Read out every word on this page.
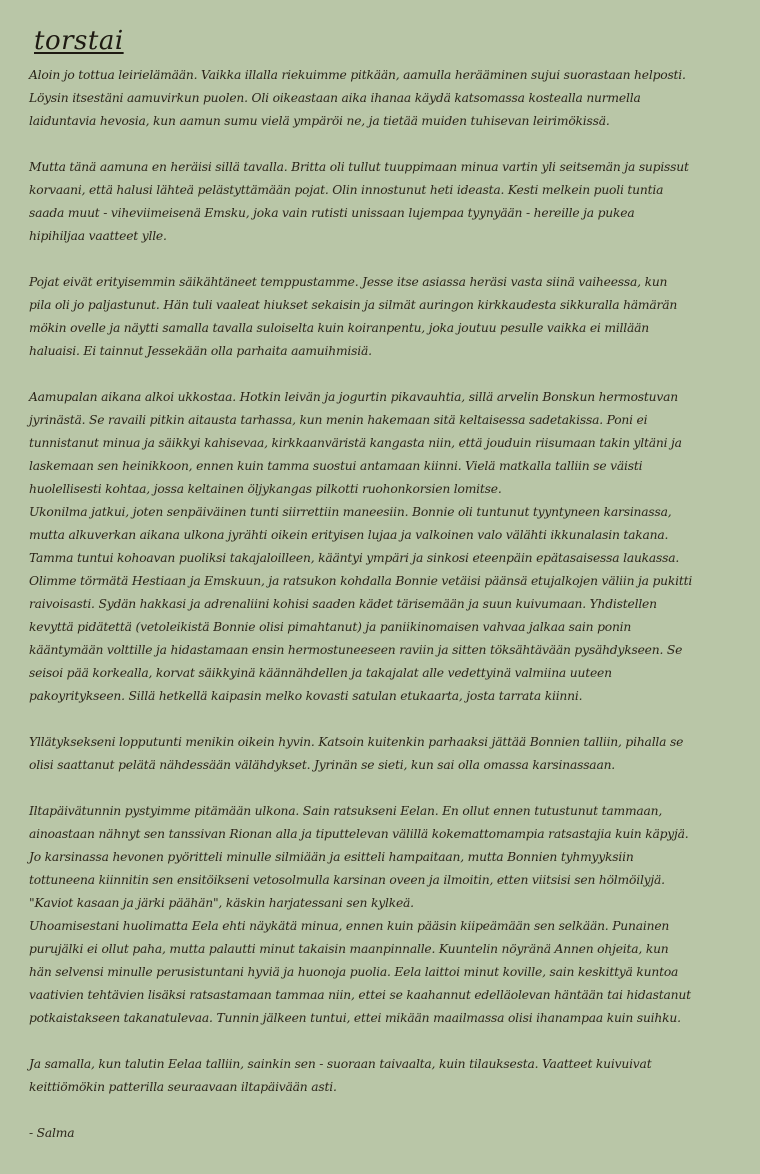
torstai

Aloin jo tottua leirielämään. Vaikka illalla riekuimme pitkään, aamulla herääminen sujui suorastaan helposti. Löysin itsestäni aamuvirkun puolen. Oli oikeastaan aika ihanaa käydä katsomassa kostealla nurmella laiduntavia hevosia, kun aamun sumu vielä ympäröi ne, ja tietää muiden tuhisevan leirimökissä.

Mutta tänä aamuna en heräisi sillä tavalla. Britta oli tullut tuuppimaan minua vartin yli seitsemän ja supissut korvaani, että halusi lähteä pelästyttämään pojat. Olin innostunut heti ideasta. Kesti melkein puoli tuntia saada muut - viheviimeisenä Emsku, joka vain rutisti unissaan lujempaa tyynyään - hereille ja pukea hipihiljaa vaatteet ylle.

Pojat eivät erityisemmin säikähtäneet temppustamme. Jesse itse asiassa heräsi vasta siinä vaiheessa, kun pila oli jo paljastunut. Hän tuli vaaleat hiukset sekaisin ja silmät auringon kirkkaudesta sikkuralla hämärän mökin ovelle ja näytti samalla tavalla suloiselta kuin koiranpentu, joka joutuu pesulle vaikka ei millään haluaisi. Ei tainnut Jessekään olla parhaita aamuihmisiä.

Aamupalan aikana alkoi ukkostaa. Hotkin leivän ja jogurtin pikavauhtia, sillä arvelin Bonskun hermostuvan jyrinästä. Se ravaili pitkin aitausta tarhassa, kun menin hakemaan sitä keltaisessa sadetakissa. Poni ei tunnistanut minua ja säikkyi kahisevaa, kirkkaanväristä kangasta niin, että jouduin riisumaan takin yltäni ja laskemaan sen heinikkoon, ennen kuin tamma suostui antamaan kiinni. Vielä matkalla talliin se väisti huolellisesti kohtaa, jossa keltainen öljykangas pilkotti ruohonkorsien lomitse.

Ukonilma jatkui, joten senpäiväinen tunti siirrettiin maneesiin. Bonnie oli tuntunut tyyntyneen karsinassa, mutta alkuverkan aikana ulkona jyrähti oikein erityisen lujaa ja valkoinen valo välähti ikkunalasin takana. Tamma tuntui kohoavan puoliksi takajaloilleen, kääntyi ympäri ja sinkosi eteenpäin epätasaisessa laukassa. Olimme törmätä Hestiaan ja Emskuun, ja ratsukon kohdalla Bonnie vetäisi päänsä etujalkojen väliin ja pukitti raivoisasti. Sydän hakkasi ja adrenaliini kohisi saaden kädet tärisemään ja suun kuivumaan. Yhdistellen kevyttä pidätettä (vetoleikistä Bonnie olisi pimahtanut) ja paniikinomaisen vahvaa jalkaa sain ponin kääntymään volttille ja hidastamaan ensin hermostuneeseen raviin ja sitten töksähtävään pysähdykseen. Se seisoi pää korkealla, korvat säikkyinä käännähdellen ja takajalat alle vedettyinä valmiina uuteen pakoyritykseen. Sillä hetkellä kaipasin melko kovasti satulan etukaarta, josta tarrata kiinni.

Yllätyksekseni lopputunti menikin oikein hyvin. Katsoin kuitenkin parhaaksi jättää Bonnien talliin, pihalla se olisi saattanut pelätä nähdessään välähdykset. Jyrinän se sieti, kun sai olla omassa karsinassaan.

Iltapäivätunnin pystyimme pitämään ulkona. Sain ratsukseni Eelan. En ollut ennen tutustunut tammaan, ainoastaan nähnyt sen tanssivan Rionan alla ja tiputtelevan välillä kokemattomampia ratsastajia kuin käpyjä. Jo karsinassa hevonen pyöritteli minulle silmiään ja esitteli hampaitaan, mutta Bonnien tyhmyyksiin tottuneena kiinnitin sen ensitöikseni vetosolmulla karsinan oveen ja ilmoitin, etten viitsisi sen hölmöilyjä. "Kaviot kasaan ja järki päähän", käskin harjatessani sen kylkeä.

Uhoamisestani huolimatta Eela ehti näykätä minua, ennen kuin pääsin kiipeämään sen selkään. Punainen purujälki ei ollut paha, mutta palautti minut takaisin maanpinnalle. Kuuntelin nöyränä Annen ohjeita, kun hän selvensi minulle perusistuntani hyviä ja huonoja puolia. Eela laittoi minut koville, sain keskittyä kuntoa vaativien tehtävien lisäksi ratsastamaan tammaa niin, ettei se kaahannut edelläolevan häntään tai hidastanut potkaistakseen takanatulevaa. Tunnin jälkeen tuntui, ettei mikään maailmassa olisi ihanampaa kuin suihku.

Ja samalla, kun talutin Eelaa talliin, sainkin sen - suoraan taivaalta, kuin tilauksesta. Vaatteet kuivuivat keittiömökin patterilla seuraavaan iltapäivään asti.

- Salma
